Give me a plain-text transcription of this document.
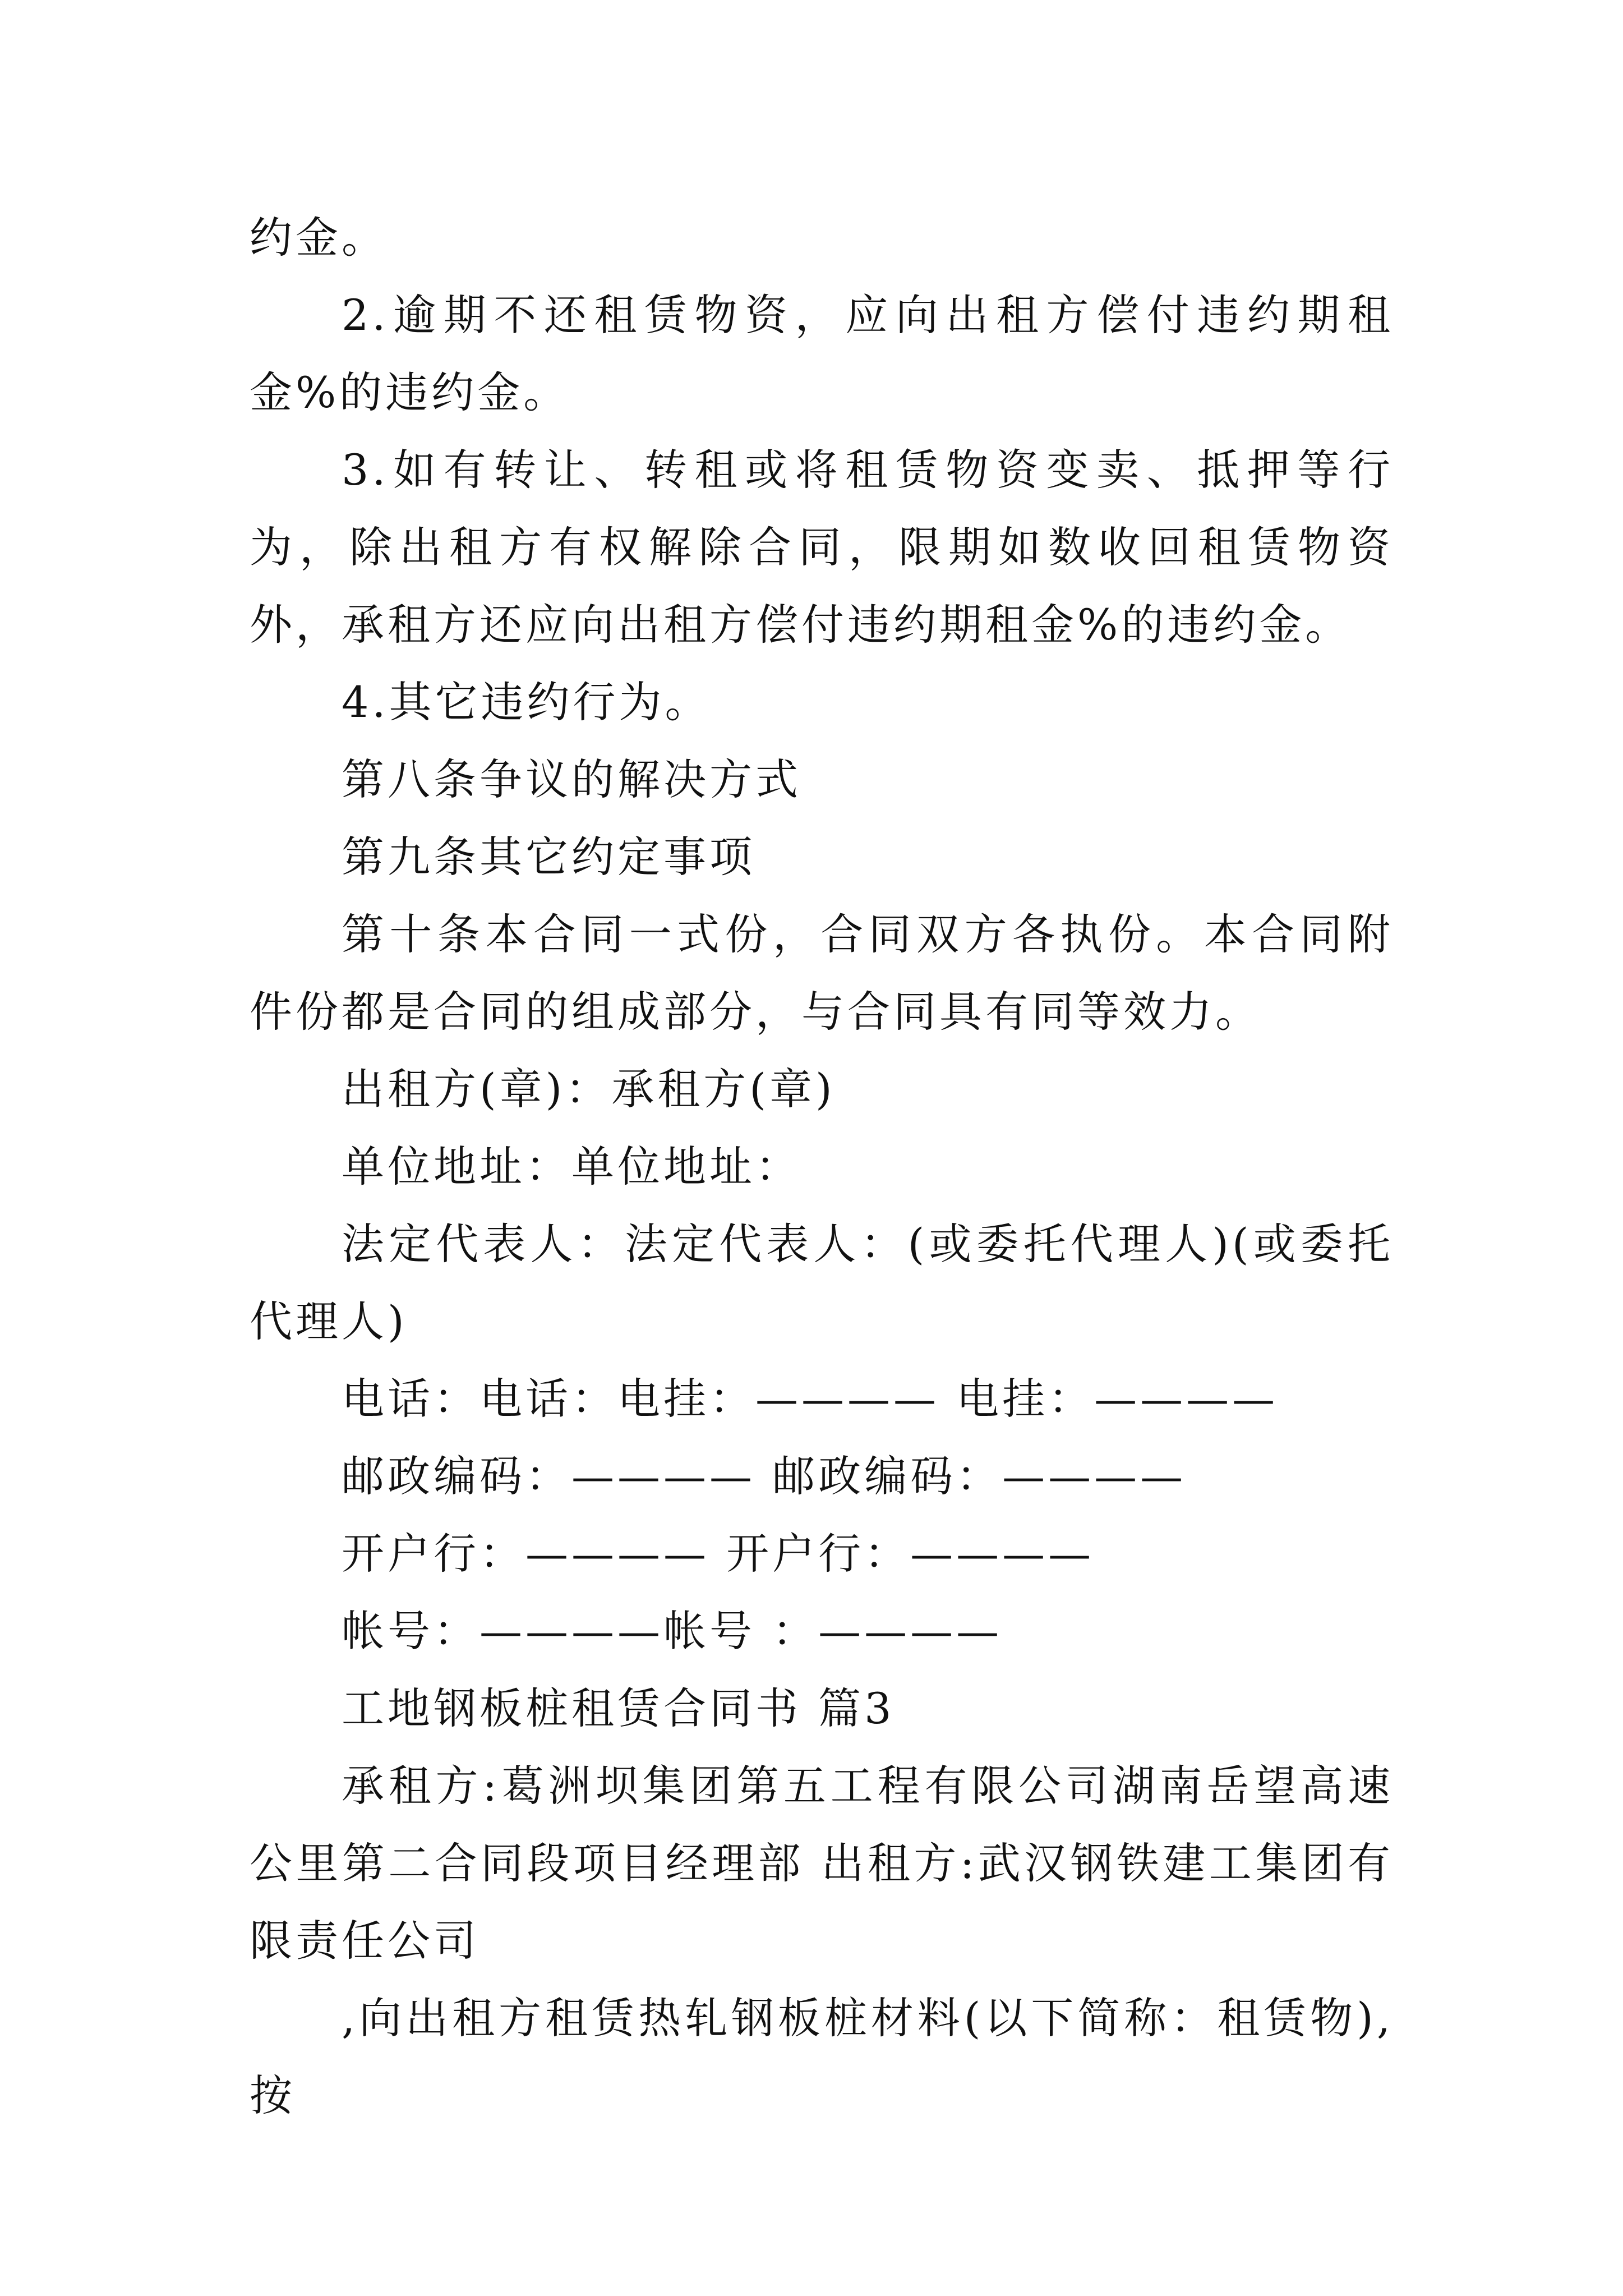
约金。

2.逾期不还租赁物资，应向出租方偿付违约期租金%的违约金。

3.如有转让、转租或将租赁物资变卖、抵押等行为，除出租方有权解除合同，限期如数收回租赁物资外，承租方还应向出租方偿付违约期租金%的违约金。

4.其它违约行为。

第八条争议的解决方式

第九条其它约定事项

第十条本合同一式份，合同双方各执份。本合同附件份都是合同的组成部分，与合同具有同等效力。

出租方(章)：承租方(章)

单位地址：单位地址：

法定代表人：法定代表人：(或委托代理人)(或委托代理人)

电话：电话：电挂：———— 电挂：————

邮政编码：———— 邮政编码：————

开户行：———— 开户行：————

帐号：————帐号 ：————

工地钢板桩租赁合同书 篇3

承租方:葛洲坝集团第五工程有限公司湖南岳望高速公里第二合同段项目经理部 出租方:武汉钢铁建工集团有限责任公司

,向出租方租赁热轧钢板桩材料(以下简称：租赁物),按
